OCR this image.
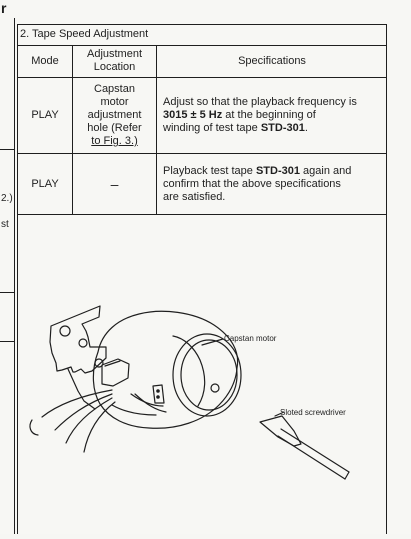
r
2.)
st
2. Tape Speed Adjustment
Mode
Adjustment
Location
Specifications
PLAY
Capstan
motor
adjustment
hole (Refer
to Fig. 3.)
Adjust so that the playback frequency is
3015 ± 5 Hz at the beginning of
winding of test tape STD-301.
PLAY	–
Playback test tape STD-301 again and
confirm that the above specifications
are satisfied.
Capstan motor
Sloted screwdriver
